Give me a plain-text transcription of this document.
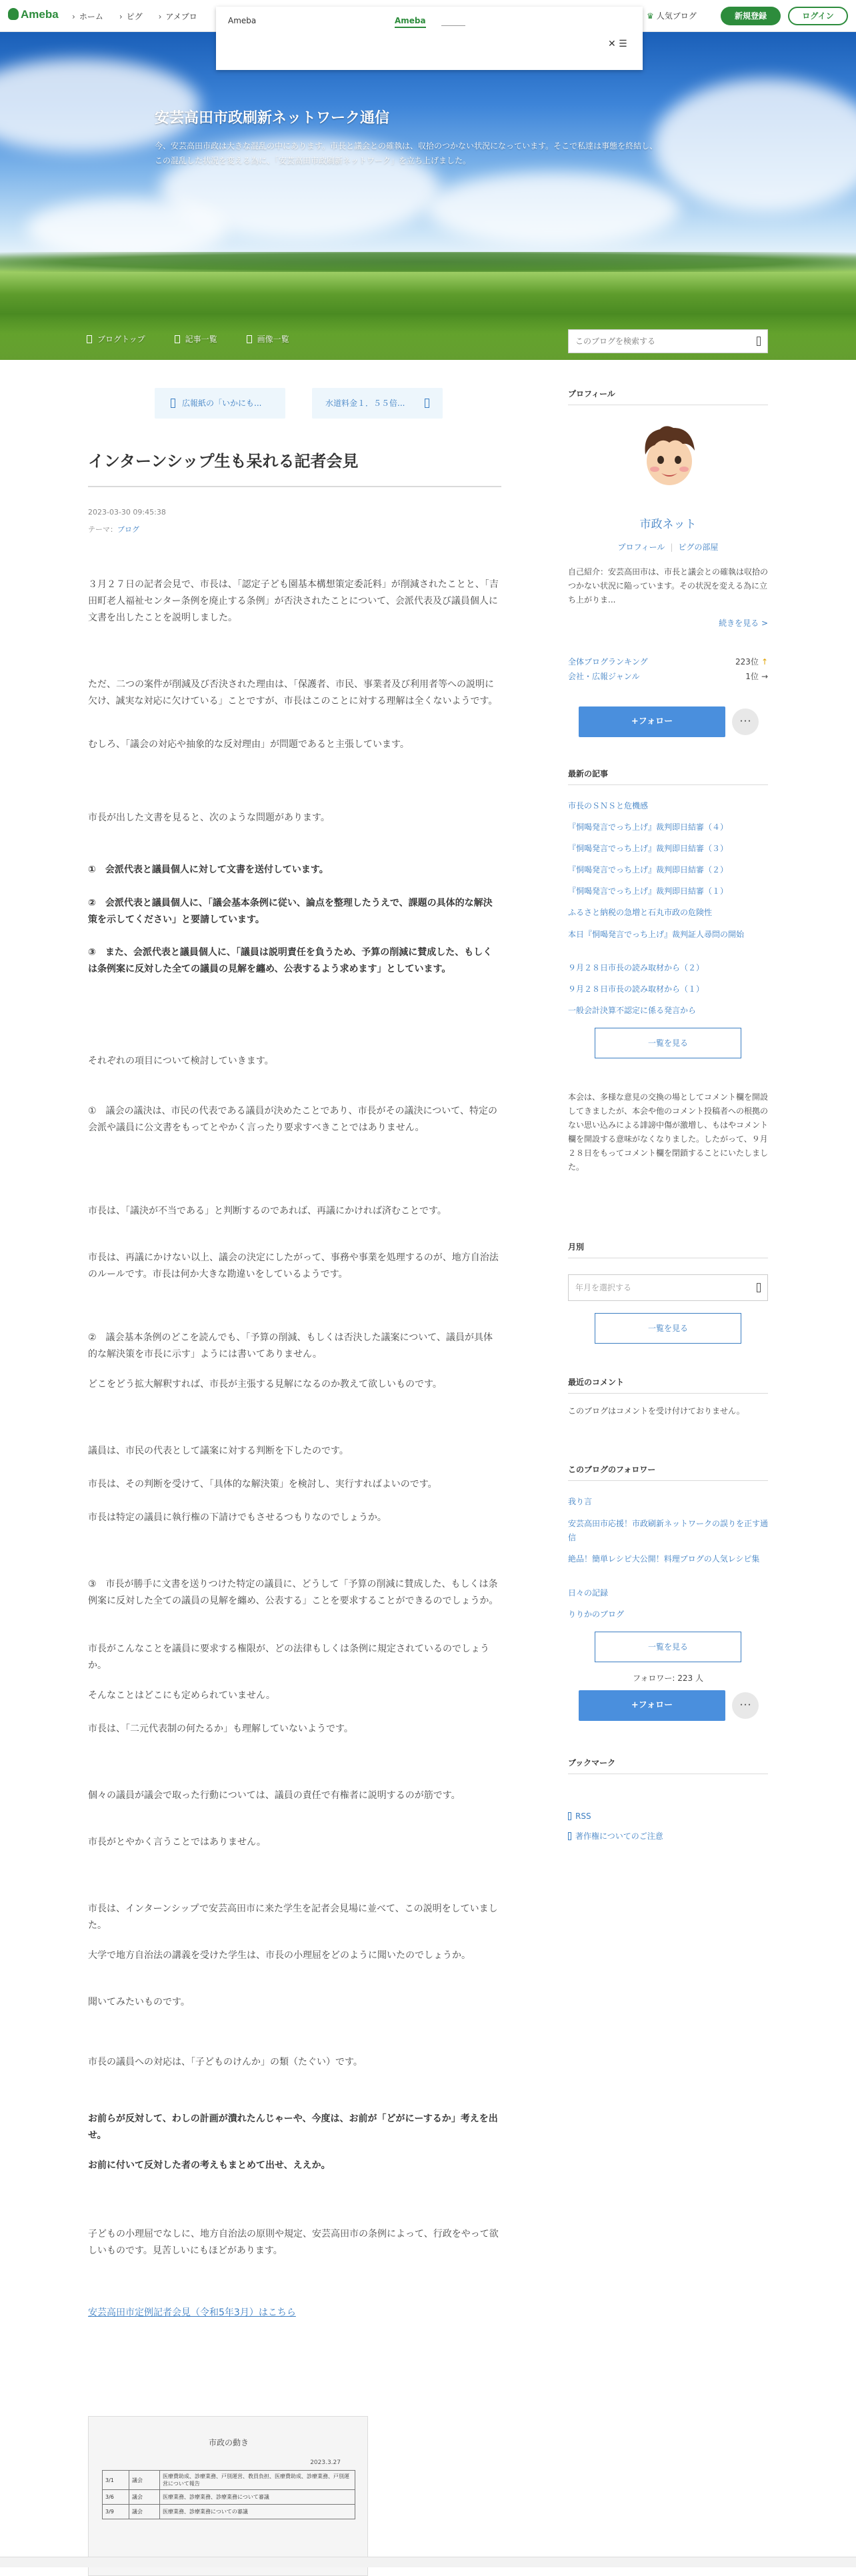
Ameba	› ホーム	› ピグ	› アメブロ	♛ 人気ブログ	新規登録	ログイン
Ameba	Ameba
✕ ☰
安芸高田市政刷新ネットワーク通信
今、安芸高田市政は大きな混乱の中にあります。市長と議会との確執は、収拾のつかない状況になっています。そこで私達は事態を終結し、この混乱した状況を変える為に、「安芸高田市政刷新ネットワーク」を立ち上げました。
ブログトップ	記事一覧	画像一覧
このブログを検索する
広報紙の「いかにも...	水道料金１．５５倍...
インターンシップ生も呆れる記者会見
2023-03-30 09:45:38
テーマ：ブログ

３月２７日の記者会見で、市長は、「認定子ども園基本構想策定委託料」が削減されたことと、「吉田町老人福祉センター条例を廃止する条例」が否決されたことについて、会派代表及び議員個人に文書を出したことを説明しました。

ただ、二つの案件が削減及び否決された理由は、「保護者、市民、事業者及び利用者等への説明に欠け、誠実な対応に欠けている」ことですが、市長はこのことに対する理解は全くないようです。

むしろ、「議会の対応や抽象的な反対理由」が問題であると主張しています。

市長が出した文書を見ると、次のような問題があります。

①　会派代表と議員個人に対して文書を送付しています。

②　会派代表と議員個人に、「議会基本条例に従い、論点を整理したうえで、課題の具体的な解決策を示してください」と要請しています。

③　また、会派代表と議員個人に、「議員は説明責任を負うため、予算の削減に賛成した、もしくは条例案に反対した全ての議員の見解を纏め、公表するよう求めます」としています。

それぞれの項目について検討していきます。

①　議会の議決は、市民の代表である議員が決めたことであり、市長がその議決について、特定の会派や議員に公文書をもってとやかく言ったり要求すべきことではありません。

市長は、「議決が不当である」と判断するのであれば、再議にかければ済むことです。

市長は、再議にかけない以上、議会の決定にしたがって、事務や事業を処理するのが、地方自治法のルールです。市長は何か大きな勘違いをしているようです。

②　議会基本条例のどこを読んでも、「予算の削減、もしくは否決した議案について、議員が具体的な解決策を市長に示す」ようには書いてありません。

どこをどう拡大解釈すれば、市長が主張する見解になるのか教えて欲しいものです。

議員は、市民の代表として議案に対する判断を下したのです。

市長は、その判断を受けて、「具体的な解決策」を検討し、実行すればよいのです。

市長は特定の議員に執行権の下請けでもさせるつもりなのでしょうか。

③　市長が勝手に文書を送りつけた特定の議員に、どうして「予算の削減に賛成した、もしくは条例案に反対した全ての議員の見解を纏め、公表する」ことを要求することができるのでしょうか。

市長がこんなことを議員に要求する権限が、どの法律もしくは条例に規定されているのでしょうか。

そんなことはどこにも定められていません。

市長は、「二元代表制の何たるか」も理解していないようです。

個々の議員が議会で取った行動については、議員の責任で有権者に説明するのが筋です。

市長がとやかく言うことではありません。

市長は、インターンシップで安芸高田市に来た学生を記者会見場に並べて、この説明をしていました。

大学で地方自治法の講義を受けた学生は、市長の小理屈をどのように聞いたのでしょうか。

聞いてみたいものです。

市長の議員への対応は、「子どものけんか」の類（たぐい）です。

お前らが反対して、わしの計画が潰れたんじゃーや、今度は、お前が「どがにーするか」考えを出せ。

お前に付いて反対した者の考えもまとめて出せ、ええか。

子どもの小理屈でなしに、地方自治法の原則や規定、安芸高田市の条例によって、行政をやって欲しいものです。見苦しいにもほどがあります。

安芸高田市定例記者会見（令和5年3月）はこちら

市政の動き
2023.3.27
3/1	議会	医療費助成、診療業務、戸別運営、教員負担、医療費助成、診療業務、戸別運営について報告
3/6	議会	医療業務、診療業務、診療業務について審議
3/9	議会	医療業務、診療業務についての審議
プロフィール
市政ネット
プロフィール | ピグの部屋
自己紹介：安芸高田市は、市長と議会との確執は収拾のつかない状況に陥っています。その状況を変える為に立ち上がりま...
続きを見る >
全体ブログランキング	223位 ↑
会社・広報ジャンル	1位 →
+フォロー	･･･
最新の記事
市長のＳＮＳと危機感
『恫喝発言でっち上げ』裁判即日結審（４）
『恫喝発言でっち上げ』裁判即日結審（３）
『恫喝発言でっち上げ』裁判即日結審（２）
『恫喝発言でっち上げ』裁判即日結審（１）
ふるさと納税の急増と石丸市政の危険性
本日『恫喝発言でっち上げ』裁判証人尋問の開始
９月２８日市長の読み取材から（２）
９月２８日市長の読み取材から（１）
一般会計決算不認定に係る発言から
一覧を見る
本会は、多様な意見の交換の場としてコメント欄を開設してきましたが、本会や他のコメント投稿者への根拠のない思い込みによる誹謗中傷が激増し、もはやコメント欄を開設する意味がなくなりました。したがって、９月２８日をもってコメント欄を閉鎖することにいたしました。
月別
年月を選択する
一覧を見る
最近のコメント
このブログはコメントを受け付けておりません。
このブログのフォロワー
我り言
安芸高田市応援！市政刷新ネットワークの誤りを正す通信
絶品！簡単レシピ大公開！料理ブログの人気レシピ集
日々の記録
りりかのブログ
一覧を見る
フォロワー: 223 人
+フォロー	･･･
ブックマーク
RSS
著作権についてのご注意
